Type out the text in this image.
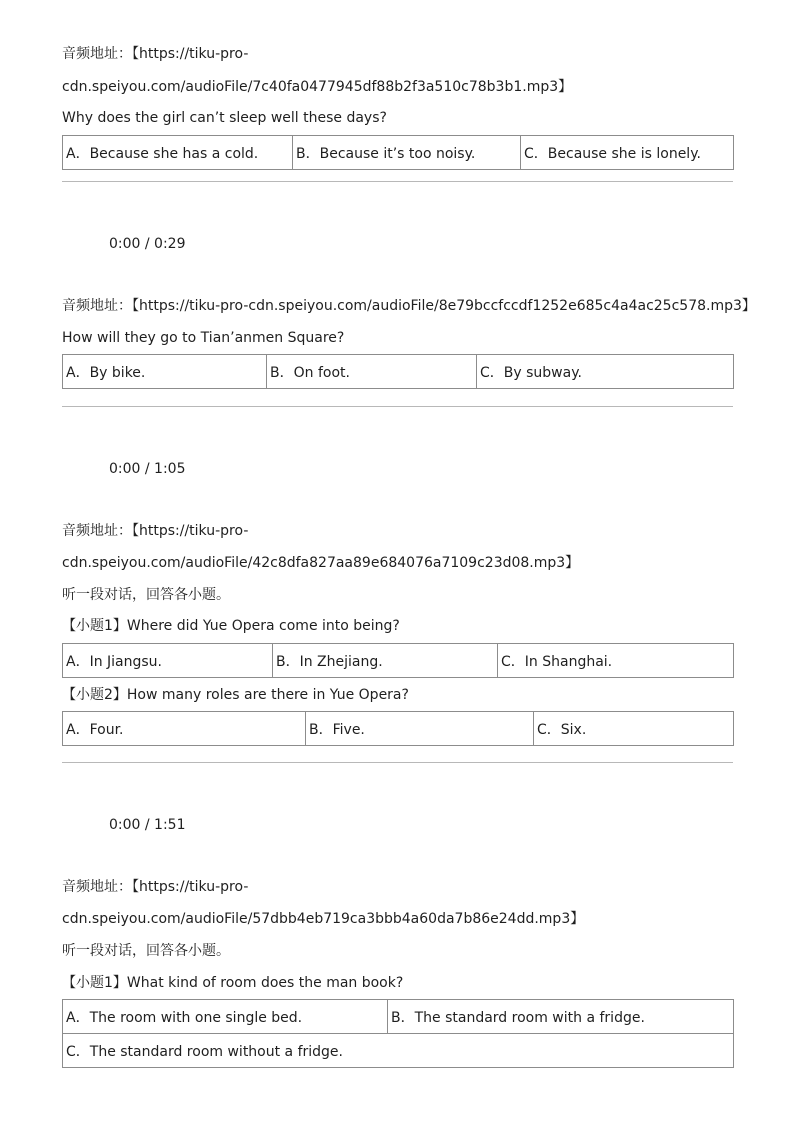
音频地址：【https://tiku-pro-
cdn.speiyou.com/audioFile/7c40fa0477945df88b2f3a510c78b3b1.mp3】
Why does the girl can’t sleep well these days?
A．Because she has a cold.	B．Because it’s too noisy.	C．Because she is lonely.
0:00 / 0:29
音频地址：【https://tiku-pro-cdn.speiyou.com/audioFile/8e79bccfccdf1252e685c4a4ac25c578.mp3】
How will they go to Tian’anmen Square?
A．By bike.	B．On foot.	C．By subway.
0:00 / 1:05
音频地址：【https://tiku-pro-
cdn.speiyou.com/audioFile/42c8dfa827aa89e684076a7109c23d08.mp3】
听一段对话，回答各小题。
【小题1】Where did Yue Opera come into being?
A．In Jiangsu.	B．In Zhejiang.	C．In Shanghai.
【小题2】How many roles are there in Yue Opera?
A．Four.	B．Five.	C．Six.
0:00 / 1:51
音频地址：【https://tiku-pro-
cdn.speiyou.com/audioFile/57dbb4eb719ca3bbb4a60da7b86e24dd.mp3】
听一段对话，回答各小题。
【小题1】What kind of room does the man book?
A．The room with one single bed.	B．The standard room with a fridge.
C．The standard room without a fridge.
